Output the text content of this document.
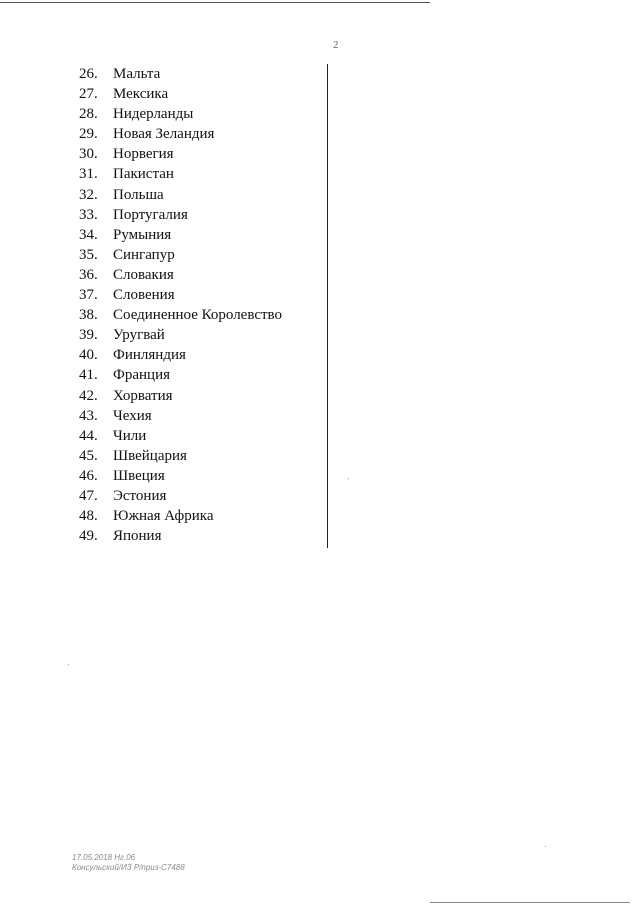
2
26.	Мальта
27.	Мексика
28.	Нидерланды
29.	Новая Зеландия
30.	Норвегия
31.	Пакистан
32.	Польша
33.	Португалия
34.	Румыния
35.	Сингапур
36.	Словакия
37.	Словения
38.	Соединенное Королевство
39.	Уругвай
40.	Финляндия
41.	Франция
42.	Хорватия
43.	Чехия
44.	Чили
45.	Швейцария
46.	Швеция
47.	Эстония
48.	Южная Африка
49.	Япония
17.05.2018 Нг.06
Консульский/ИЗ Р/приз-С7488
